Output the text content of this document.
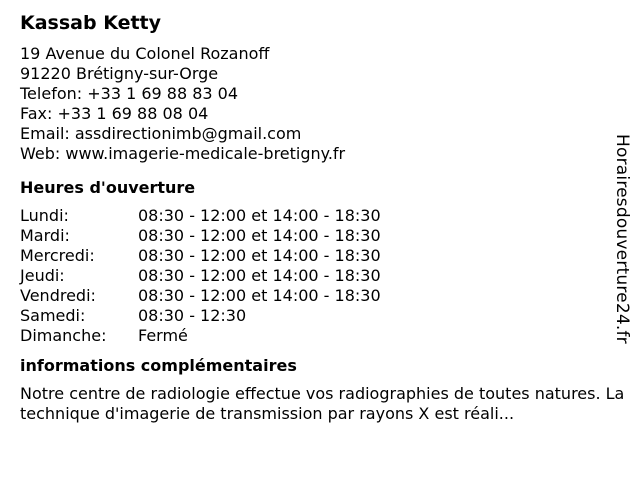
Kassab Ketty
19 Avenue du Colonel Rozanoff
91220 Brétigny-sur-Orge
Telefon: +33 1 69 88 83 04
Fax: +33 1 69 88 08 04
Email: assdirectionimb@gmail.com
Web: www.imagerie-medicale-bretigny.fr
Heures d'ouverture
Lundi:	08:30 - 12:00 et 14:00 - 18:30
Mardi:	08:30 - 12:00 et 14:00 - 18:30
Mercredi:	08:30 - 12:00 et 14:00 - 18:30
Jeudi:	08:30 - 12:00 et 14:00 - 18:30
Vendredi:	08:30 - 12:00 et 14:00 - 18:30
Samedi:	08:30 - 12:30
Dimanche:	Fermé
informations complémentaires
Notre centre de radiologie effectue vos radiographies de toutes natures. La technique d'imagerie de transmission par rayons X est réali...
Horairesdouverture24.fr
